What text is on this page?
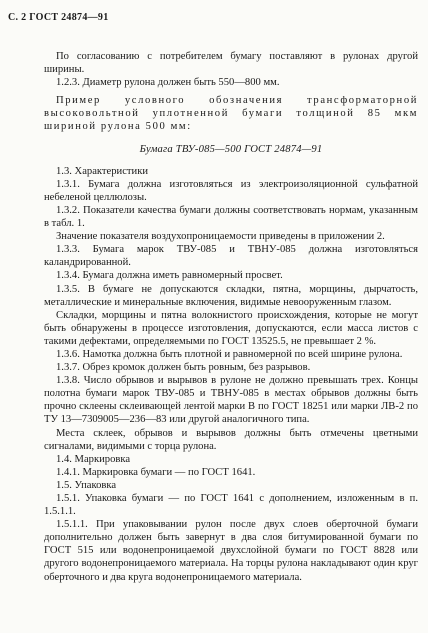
С. 2 ГОСТ 24874—91

По согласованию с потребителем бумагу поставляют в рулонах другой ширины.

1.2.3. Диаметр рулона должен быть 550—800 мм.

Пример условного обозначения трансформаторной высоковольтной уплотненной бумаги толщиной 85 мкм шириной рулона 500 мм:

Бумага ТВУ-085—500 ГОСТ 24874—91

1.3. Характеристики

1.3.1. Бумага должна изготовляться из электроизоляционной сульфатной небеленой целлюлозы.

1.3.2. Показатели качества бумаги должны соответствовать нормам, указанным в табл. 1.

Значение показателя воздухопроницаемости приведены в приложении 2.

1.3.3. Бумага марок ТВУ-085 и ТВНУ-085 должна изготовляться каландрированной.

1.3.4. Бумага должна иметь равномерный просвет.

1.3.5. В бумаге не допускаются складки, пятна, морщины, дырчатость, металлические и минеральные включения, видимые невооруженным глазом.

Складки, морщины и пятна волокнистого происхождения, которые не могут быть обнаружены в процессе изготовления, допускаются, если масса листов с такими дефектами, определяемыми по ГОСТ 13525.5, не превышает 2 %.

1.3.6. Намотка должна быть плотной и равномерной по всей ширине рулона.

1.3.7. Обрез кромок должен быть ровным, без разрывов.

1.3.8. Число обрывов и вырывов в рулоне не должно превышать трех. Концы полотна бумаги марок ТВУ-085 и ТВНУ-085 в местах обрывов должны быть прочно склеены склеивающей лентой марки В по ГОСТ 18251 или марки ЛВ-2 по ТУ 13—7309005—236—83 или другой аналогичного типа.

Места склеек, обрывов и вырывов должны быть отмечены цветными сигналами, видимыми с торца рулона.

1.4. Маркировка

1.4.1. Маркировка бумаги — по ГОСТ 1641.

1.5. Упаковка

1.5.1. Упаковка бумаги — по ГОСТ 1641 с дополнением, изложенным в п. 1.5.1.1.

1.5.1.1. При упаковывании рулон после двух слоев оберточной бумаги дополнительно должен быть завернут в два слоя битумированной бумаги по ГОСТ 515 или водонепроницаемой двухслойной бумаги по ГОСТ 8828 или другого водонепроницаемого материала. На торцы рулона накладывают один круг оберточного и два круга водонепроницаемого материала.
